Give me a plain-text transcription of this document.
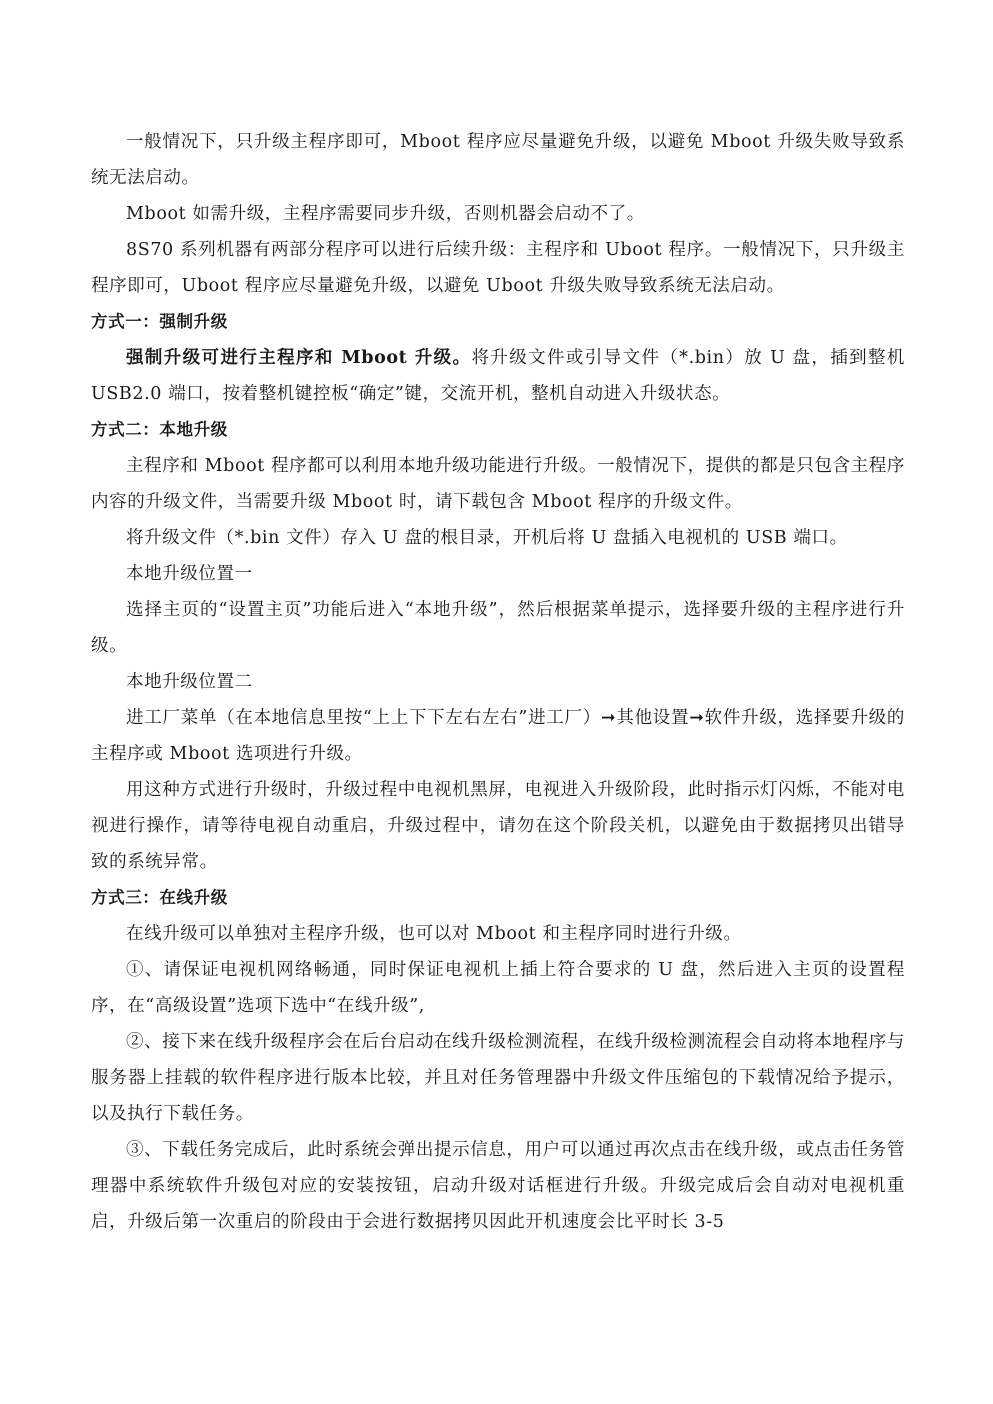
一般情况下，只升级主程序即可，Mboot 程序应尽量避免升级，以避免 Mboot 升级失败导致系统无法启动。

Mboot 如需升级，主程序需要同步升级，否则机器会启动不了。

8S70 系列机器有两部分程序可以进行后续升级：主程序和 Uboot 程序。一般情况下，只升级主程序即可，Uboot 程序应尽量避免升级，以避免 Uboot 升级失败导致系统无法启动。

方式一：强制升级

强制升级可进行主程序和 Mboot 升级。将升级文件或引导文件（*.bin）放 U 盘，插到整机 USB2.0 端口，按着整机键控板“确定”键，交流开机，整机自动进入升级状态。

方式二：本地升级

主程序和 Mboot 程序都可以利用本地升级功能进行升级。一般情况下，提供的都是只包含主程序内容的升级文件，当需要升级 Mboot 时，请下载包含 Mboot 程序的升级文件。

将升级文件（*.bin 文件）存入 U 盘的根目录，开机后将 U 盘插入电视机的 USB 端口。

本地升级位置一

选择主页的“设置主页”功能后进入“本地升级”，然后根据菜单提示，选择要升级的主程序进行升级。

本地升级位置二

进工厂菜单（在本地信息里按“上上下下左右左右”进工厂）➞其他设置➞软件升级，选择要升级的主程序或 Mboot 选项进行升级。

用这种方式进行升级时，升级过程中电视机黑屏，电视进入升级阶段，此时指示灯闪烁，不能对电视进行操作，请等待电视自动重启，升级过程中，请勿在这个阶段关机，以避免由于数据拷贝出错导致的系统异常。

方式三：在线升级

在线升级可以单独对主程序升级，也可以对 Mboot 和主程序同时进行升级。

①、请保证电视机网络畅通，同时保证电视机上插上符合要求的 U 盘，然后进入主页的设置程序，在“高级设置”选项下选中“在线升级”,

②、接下来在线升级程序会在后台启动在线升级检测流程，在线升级检测流程会自动将本地程序与服务器上挂载的软件程序进行版本比较，并且对任务管理器中升级文件压缩包的下载情况给予提示，以及执行下载任务。

③、下载任务完成后，此时系统会弹出提示信息，用户可以通过再次点击在线升级，或点击任务管理器中系统软件升级包对应的安装按钮，启动升级对话框进行升级。升级完成后会自动对电视机重启，升级后第一次重启的阶段由于会进行数据拷贝因此开机速度会比平时长 3-5
